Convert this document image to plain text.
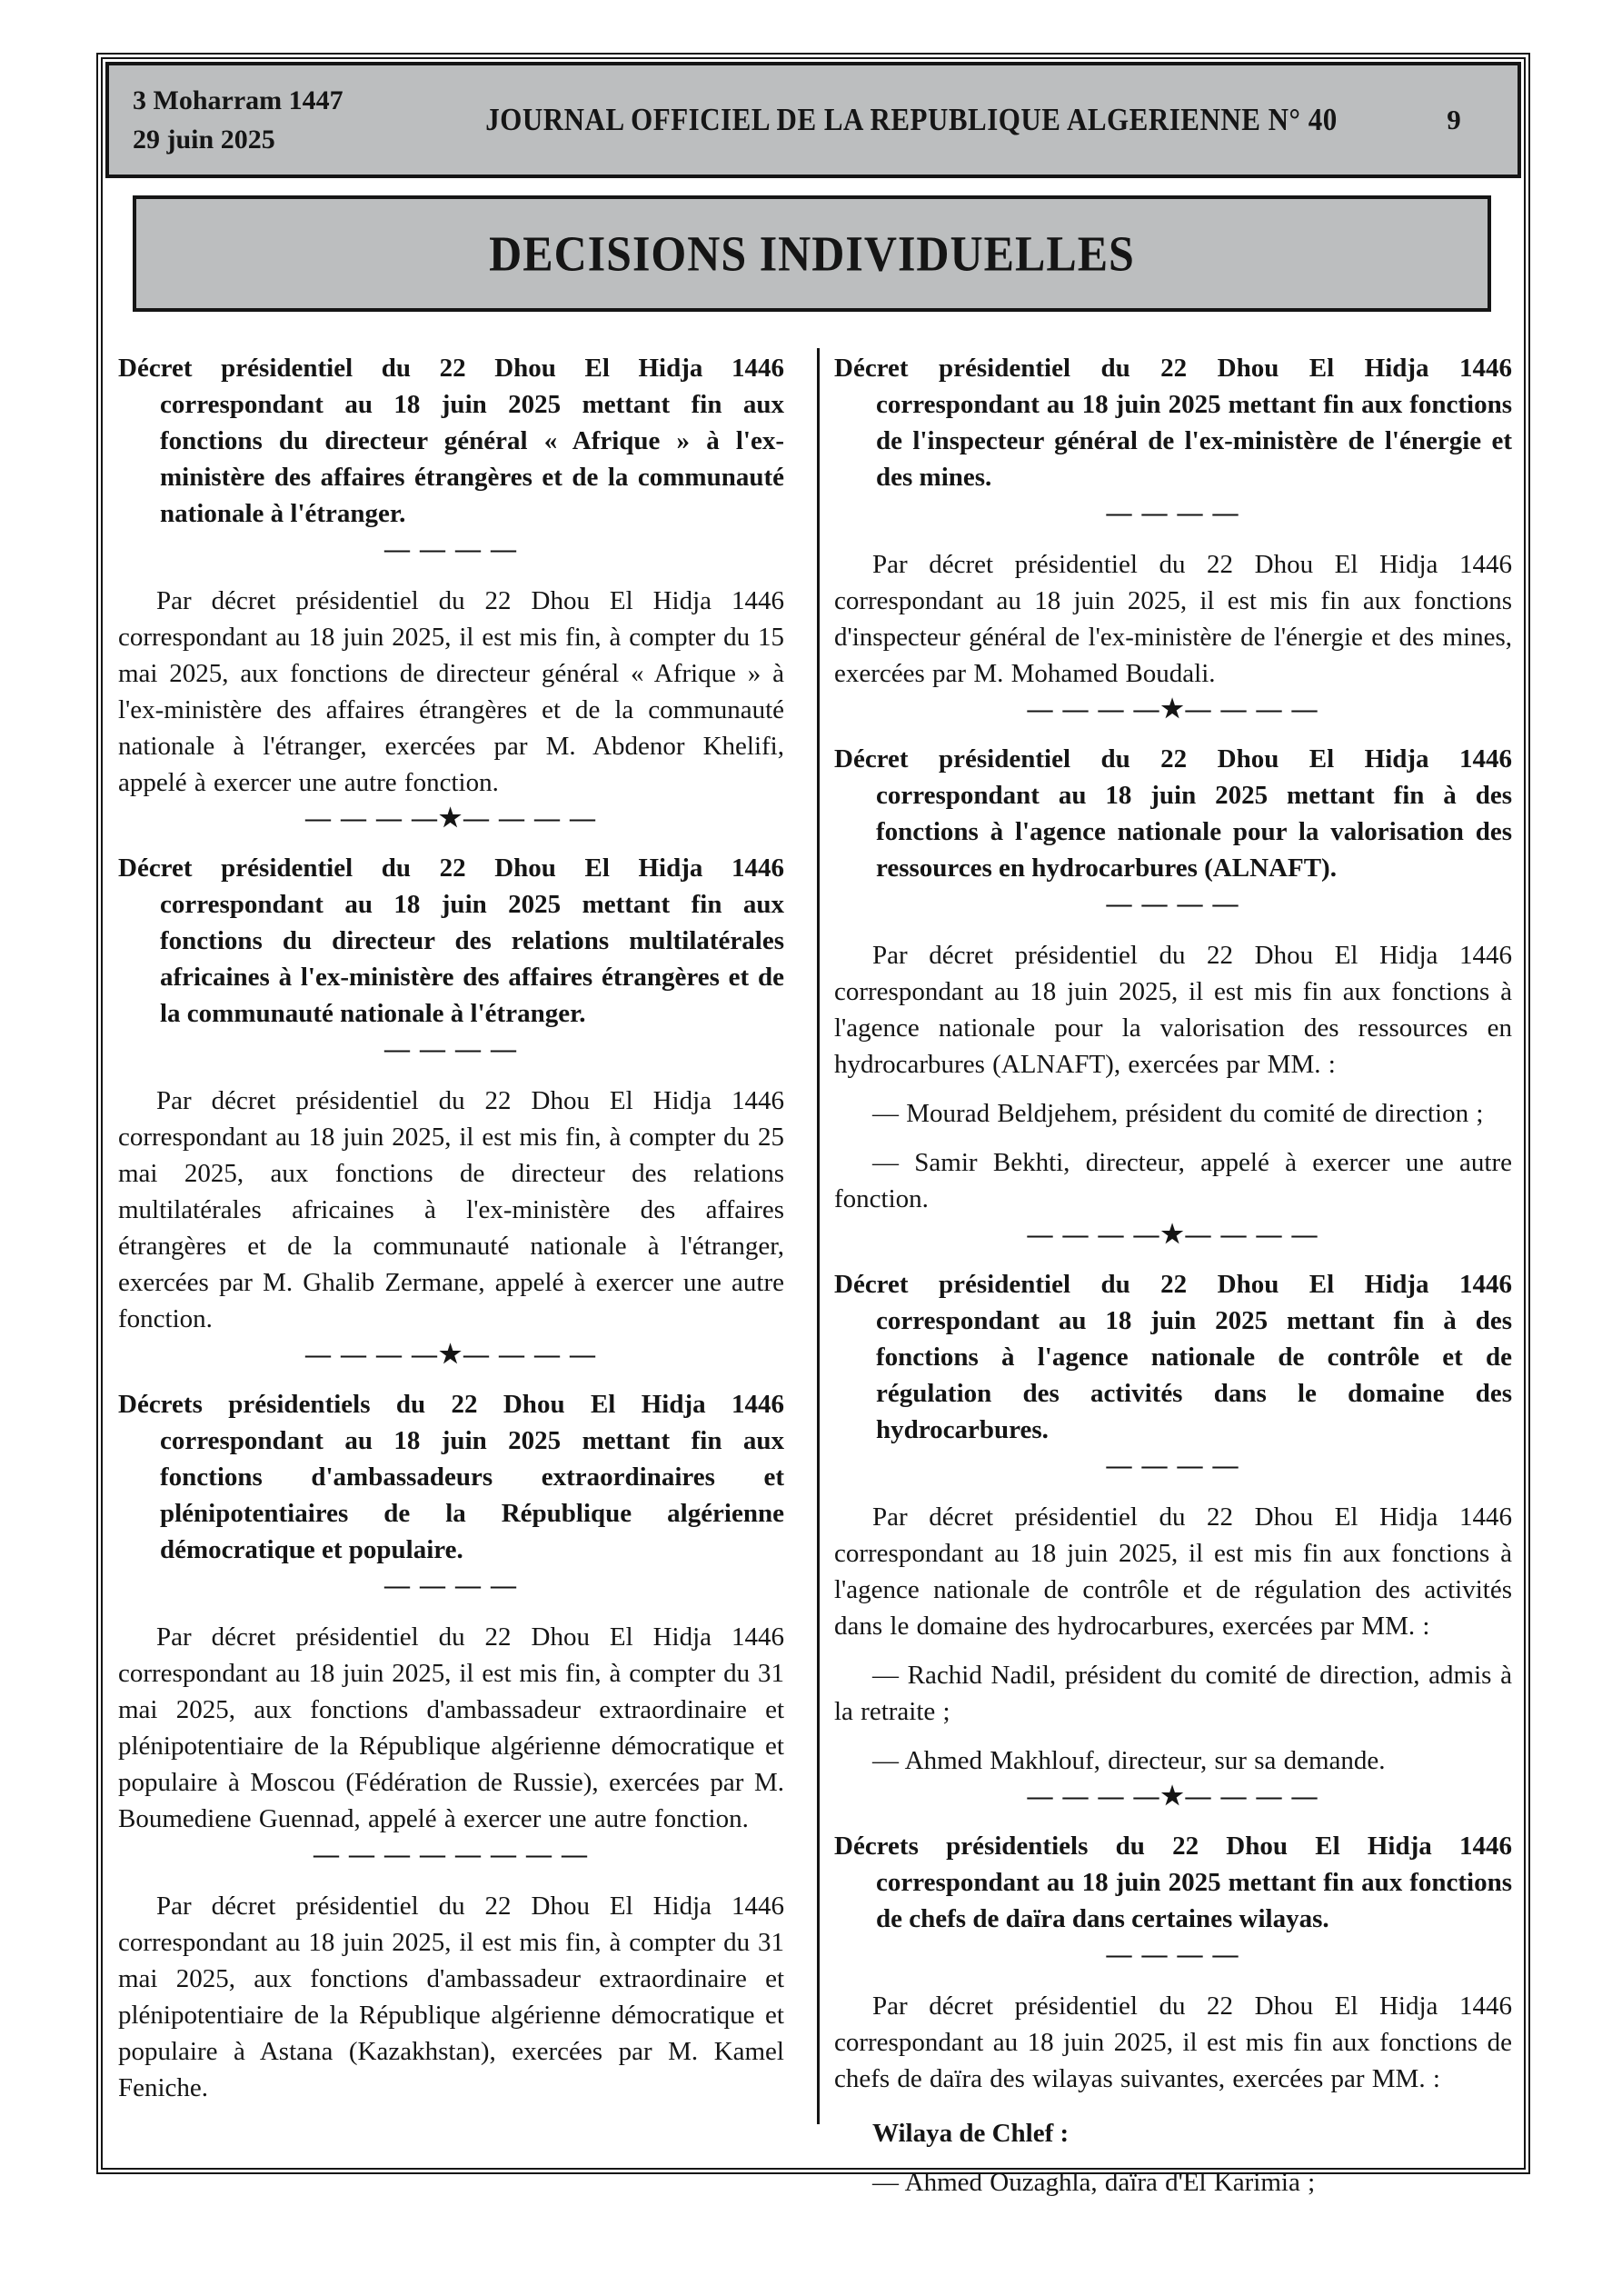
3 Moharram 1447
29 juin 2025
JOURNAL OFFICIEL DE LA REPUBLIQUE ALGERIENNE N° 40	9
DECISIONS INDIVIDUELLES
Décret présidentiel du 22 Dhou El Hidja 1446 correspondant au 18 juin 2025 mettant fin aux fonctions du directeur général « Afrique » à l'ex-ministère des affaires étrangères et de la communauté nationale à l'étranger.
— — — —
Par décret présidentiel du 22 Dhou El Hidja 1446 correspondant au 18 juin 2025, il est mis fin, à compter du 15 mai 2025, aux fonctions de directeur général « Afrique » à l'ex-ministère des affaires étrangères et de la communauté nationale à l'étranger, exercées par M. Abdenor Khelifi, appelé à exercer une autre fonction.
— — — —★— — — —
Décret présidentiel du 22 Dhou El Hidja 1446 correspondant au 18 juin 2025 mettant fin aux fonctions du directeur des relations multilatérales africaines à l'ex-ministère des affaires étrangères et de la communauté nationale à l'étranger.
— — — —
Par décret présidentiel du 22 Dhou El Hidja 1446 correspondant au 18 juin 2025, il est mis fin, à compter du 25 mai 2025, aux fonctions de directeur des relations multilatérales africaines à l'ex-ministère des affaires étrangères et de la communauté nationale à l'étranger, exercées par M. Ghalib Zermane, appelé à exercer une autre fonction.
— — — —★— — — —
Décrets présidentiels du 22 Dhou El Hidja 1446 correspondant au 18 juin 2025 mettant fin aux fonctions d'ambassadeurs extraordinaires et plénipotentiaires de la République algérienne démocratique et populaire.
— — — —
Par décret présidentiel du 22 Dhou El Hidja 1446 correspondant au 18 juin 2025, il est mis fin, à compter du 31 mai 2025, aux fonctions d'ambassadeur extraordinaire et plénipotentiaire de la République algérienne démocratique et populaire à Moscou (Fédération de Russie), exercées par M. Boumediene Guennad, appelé à exercer une autre fonction.
— — — — — — — —
Par décret présidentiel du 22 Dhou El Hidja 1446 correspondant au 18 juin 2025, il est mis fin, à compter du 31 mai 2025, aux fonctions d'ambassadeur extraordinaire et plénipotentiaire de la République algérienne démocratique et populaire à Astana (Kazakhstan), exercées par M. Kamel Feniche.
Décret présidentiel du 22 Dhou El Hidja 1446 correspondant au 18 juin 2025 mettant fin aux fonctions de l'inspecteur général de l'ex-ministère de l'énergie et des mines.
— — — —
Par décret présidentiel du 22 Dhou El Hidja 1446 correspondant au 18 juin 2025, il est mis fin aux fonctions d'inspecteur général de l'ex-ministère de l'énergie et des mines, exercées par M. Mohamed Boudali.
— — — —★— — — —
Décret présidentiel du 22 Dhou El Hidja 1446 correspondant au 18 juin 2025 mettant fin à des fonctions à l'agence nationale pour la valorisation des ressources en hydrocarbures (ALNAFT).
— — — —
Par décret présidentiel du 22 Dhou El Hidja 1446 correspondant au 18 juin 2025, il est mis fin aux fonctions à l'agence nationale pour la valorisation des ressources en hydrocarbures (ALNAFT), exercées par MM. :
— Mourad Beldjehem, président du comité de direction ;
— Samir Bekhti, directeur, appelé à exercer une autre fonction.
— — — —★— — — —
Décret présidentiel du 22 Dhou El Hidja 1446 correspondant au 18 juin 2025 mettant fin à des fonctions à l'agence nationale de contrôle et de régulation des activités dans le domaine des hydrocarbures.
— — — —
Par décret présidentiel du 22 Dhou El Hidja 1446 correspondant au 18 juin 2025, il est mis fin aux fonctions à l'agence nationale de contrôle et de régulation des activités dans le domaine des hydrocarbures, exercées par MM. :
— Rachid Nadil, président du comité de direction, admis à la retraite ;
— Ahmed Makhlouf, directeur, sur sa demande.
— — — —★— — — —
Décrets présidentiels du 22 Dhou El Hidja 1446 correspondant au 18 juin 2025 mettant fin aux fonctions de chefs de daïra dans certaines wilayas.
— — — —
Par décret présidentiel du 22 Dhou El Hidja 1446 correspondant au 18 juin 2025, il est mis fin aux fonctions de chefs de daïra des wilayas suivantes, exercées par MM. :
Wilaya de Chlef :
— Ahmed Ouzaghla, daïra d'El Karimia ;
